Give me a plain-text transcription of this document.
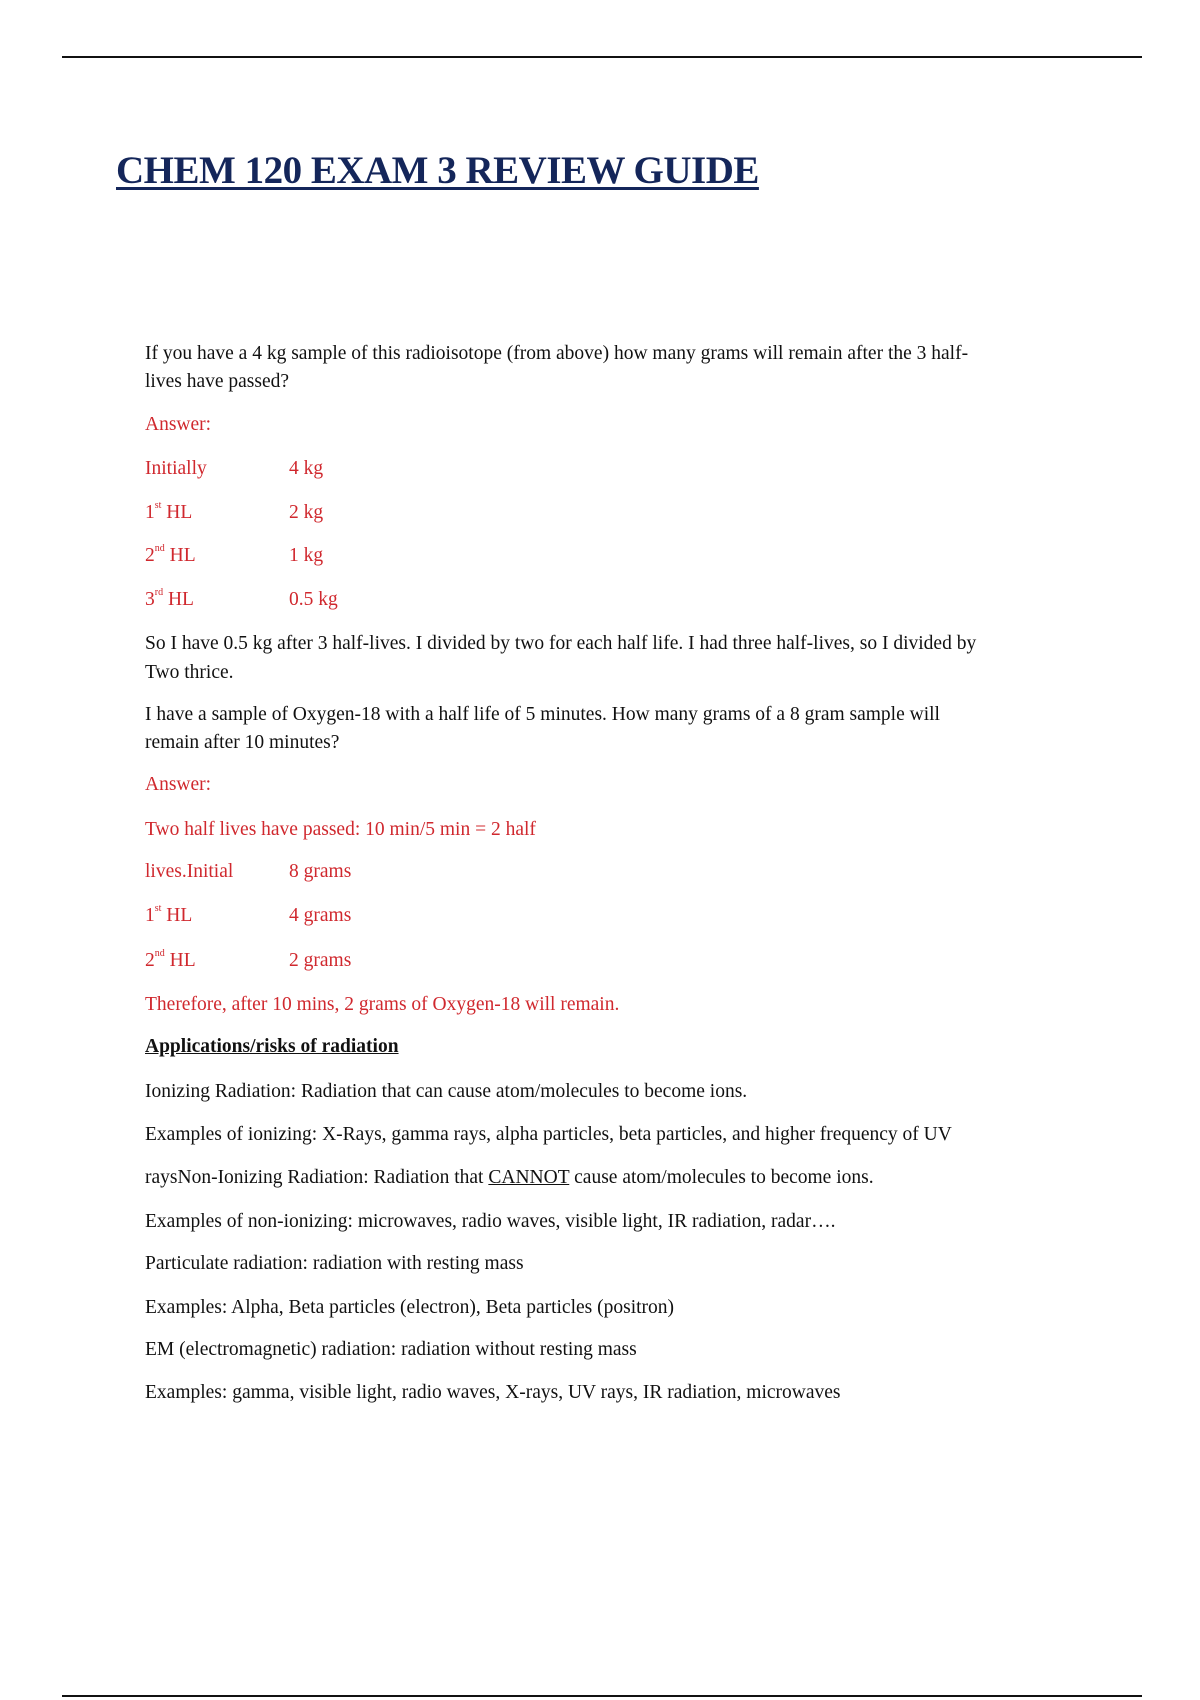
CHEM 120 EXAM 3 REVIEW GUIDE
If you have a 4 kg sample of this radioisotope (from above) how many grams will remain after the 3 half-
lives have passed?
Answer:
Initially	4 kg
1st HL	2 kg
2nd HL	1 kg
3rd HL	0.5 kg
So I have 0.5 kg after 3 half-lives. I divided by two for each half life. I had three half-lives, so I divided by
Two thrice.
I have a sample of Oxygen-18 with a half life of 5 minutes. How many grams of a 8 gram sample will
remain after 10 minutes?
Answer:
Two half lives have passed: 10 min/5 min = 2 half
lives.Initial	8 grams
1st HL	4 grams
2nd HL	2 grams
Therefore, after 10 mins, 2 grams of Oxygen-18 will remain.
Applications/risks of radiation
Ionizing Radiation: Radiation that can cause atom/molecules to become ions.
Examples of ionizing: X-Rays, gamma rays, alpha particles, beta particles, and higher frequency of UV
raysNon-Ionizing Radiation: Radiation that CANNOT cause atom/molecules to become ions.
Examples of non-ionizing: microwaves, radio waves, visible light, IR radiation, radar….
Particulate radiation: radiation with resting mass
Examples: Alpha, Beta particles (electron), Beta particles (positron)
EM (electromagnetic) radiation: radiation without resting mass
Examples: gamma, visible light, radio waves, X-rays, UV rays, IR radiation, microwaves
